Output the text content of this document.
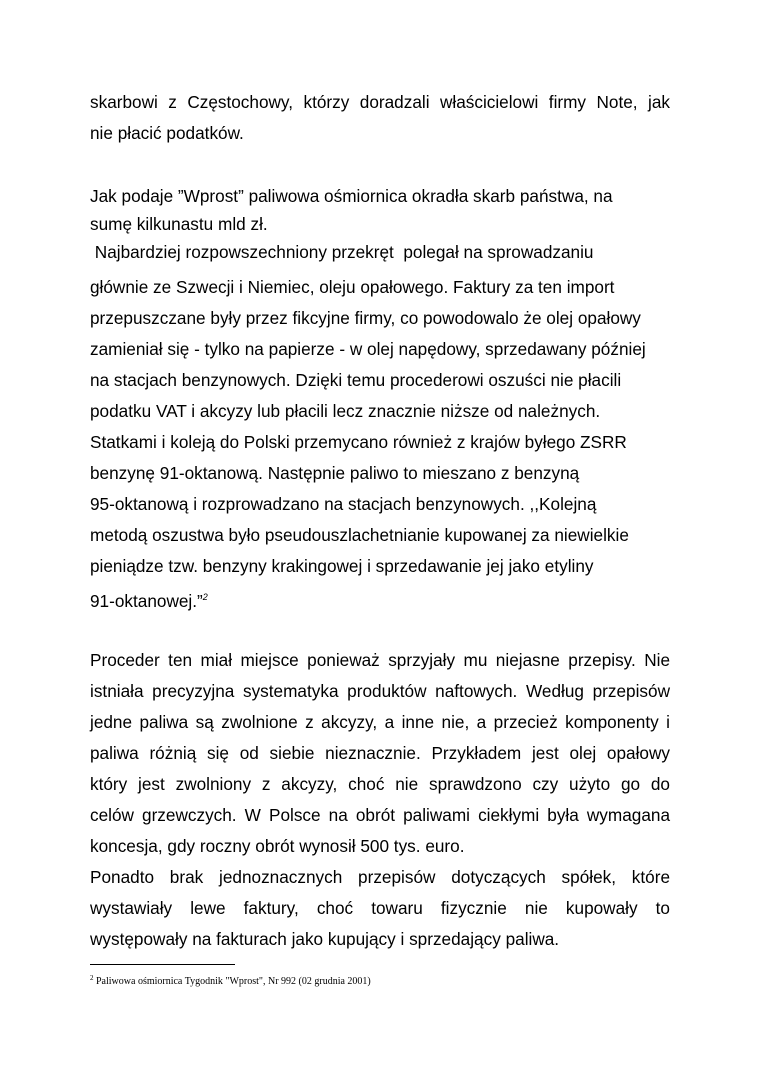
skarbowi z Częstochowy, którzy doradzali właścicielowi firmy Note, jak
nie płacić podatków.
Jak podaje ”Wprost” paliwowa ośmiornica okradła skarb państwa, na
sumę kilkunastu mld zł.
Najbardziej rozpowszechniony przekręt  polegał na sprowadzaniu
głównie ze Szwecji i Niemiec, oleju opałowego. Faktury za ten import
przepuszczane były przez fikcyjne firmy, co powodowalo że olej opałowy
zamieniał się - tylko na papierze - w olej napędowy, sprzedawany później
na stacjach benzynowych. Dzięki temu procederowi oszuści nie płacili
podatku VAT i akcyzy lub płacili lecz znacznie niższe od należnych.
Statkami i koleją do Polski przemycano również z krajów byłego ZSRR
benzynę 91-oktanową. Następnie paliwo to mieszano z benzyną
95-oktanową i rozprowadzano na stacjach benzynowych. ,,Kolejną
metodą oszustwa było pseudouszlachetnianie kupowanej za niewielkie
pieniądze tzw. benzyny krakingowej i sprzedawanie jej jako etyliny
91-oktanowej.”$^2$
Proceder ten miał miejsce ponieważ sprzyjały mu niejasne przepisy. Nie
istniała precyzyjna systematyka produktów naftowych. Według przepisów
jedne paliwa są zwolnione z akcyzy, a inne nie, a przecież komponenty i
paliwa różnią się od siebie nieznacznie. Przykładem jest olej opałowy
który jest zwolniony z akcyzy, choć nie sprawdzono czy użyto go do
celów grzewczych. W Polsce na obrót paliwami ciekłymi była wymagana
koncesja, gdy roczny obrót wynosił 500 tys. euro.
Ponadto brak jednoznacznych przepisów dotyczących spółek, które
wystawiały lewe faktury, choć towaru fizycznie nie kupowały to
występowały na fakturach jako kupujący i sprzedający paliwa.
$^2$ Paliwowa ośmiornica Tygodnik "Wprost", Nr 992 (02 grudnia 2001)
